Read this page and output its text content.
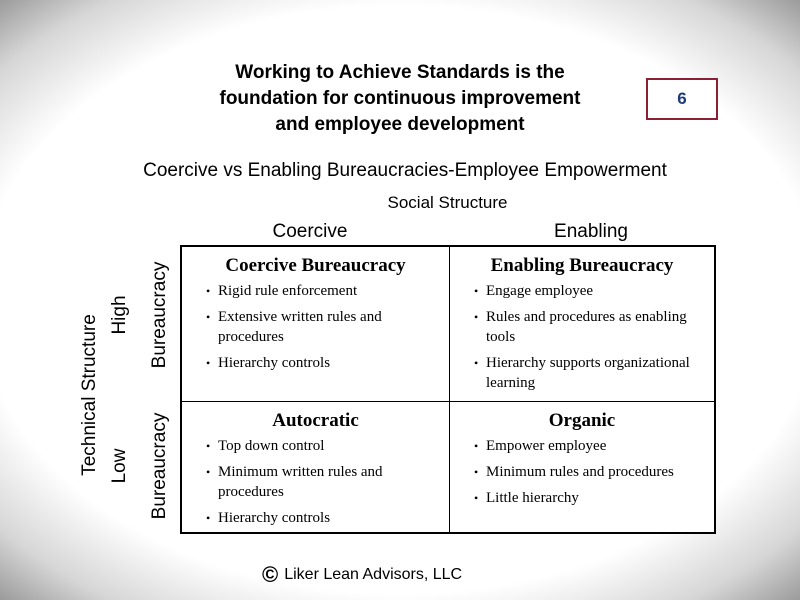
Working to Achieve Standards is the
foundation for continuous improvement
and employee development
6
Coercive vs Enabling Bureaucracies-Employee Empowerment
Social Structure
Coercive	Enabling
Technical Structure High Bureaucracy
Low Bureaucracy
Coercive Bureaucracy
• Rigid rule enforcement
• Extensive written rules and procedures
• Hierarchy controls
Enabling Bureaucracy
• Engage employee
• Rules and procedures as enabling tools
• Hierarchy supports organizational learning
Autocratic
• Top down control
• Minimum written rules and procedures
• Hierarchy controls
Organic
• Empower employee
• Minimum rules and procedures
• Little hierarchy
© Liker Lean Advisors, LLC
